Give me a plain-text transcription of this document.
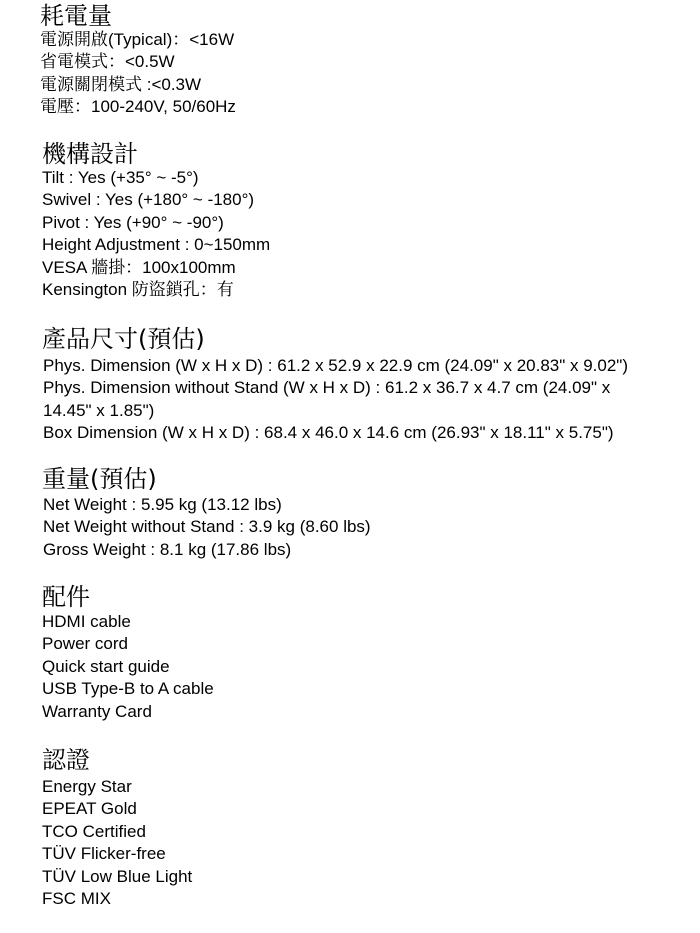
耗電量
電源開啟(Typical)：<16W
省電模式：<0.5W
電源關閉模式 :<0.3W
電壓：100-240V, 50/60Hz
機構設計
Tilt : Yes (+35° ~ -5°)
Swivel : Yes (+180° ~ -180°)
Pivot : Yes (+90° ~ -90°)
Height Adjustment : 0~150mm
VESA 牆掛：100x100mm
Kensington 防盜鎖孔：有
產品尺寸(預估)
Phys. Dimension (W x H x D) : 61.2 x 52.9 x 22.9 cm (24.09" x 20.83" x 9.02")
Phys. Dimension without Stand (W x H x D) : 61.2 x 36.7 x 4.7 cm (24.09" x 14.45" x 1.85")
Box Dimension (W x H x D) : 68.4 x 46.0 x 14.6 cm (26.93" x 18.11" x 5.75")
重量(預估)
Net Weight : 5.95 kg (13.12 lbs)
Net Weight without Stand : 3.9 kg (8.60 lbs)
Gross Weight : 8.1 kg (17.86 lbs)
配件
HDMI cable
Power cord
Quick start guide
USB Type-B to A cable
Warranty Card
認證
Energy Star
EPEAT Gold
TCO Certified
TÜV Flicker-free
TÜV Low Blue Light
FSC MIX
